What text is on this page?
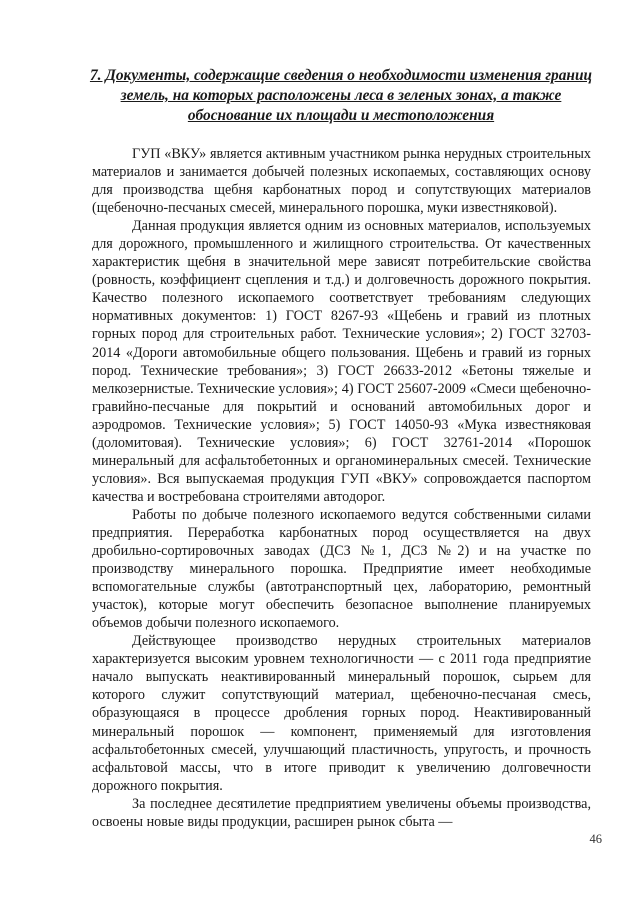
7. Документы, содержащие сведения о необходимости изменения границ земель, на которых расположены леса в зеленых зонах, а также обоснование их площади и местоположения

ГУП «ВКУ» является активным участником рынка нерудных строительных материалов и занимается добычей полезных ископаемых, составляющих основу для производства щебня карбонатных пород и сопутствующих материалов (щебеночно-песчаных смесей, минерального порошка, муки известняковой).

Данная продукция является одним из основных материалов, используемых для дорожного, промышленного и жилищного строительства. От качественных характеристик щебня в значительной мере зависят потребительские свойства (ровность, коэффициент сцепления и т.д.) и долговечность дорожного покрытия. Качество полезного ископаемого соответствует требованиям следующих нормативных документов: 1) ГОСТ 8267-93 «Щебень и гравий из плотных горных пород для строительных работ. Технические условия»; 2) ГОСТ 32703-2014 «Дороги автомобильные общего пользования. Щебень и гравий из горных пород. Технические требования»; 3) ГОСТ 26633-2012 «Бетоны тяжелые и мелкозернистые. Технические условия»; 4) ГОСТ 25607-2009 «Смеси щебеночно-гравийно-песчаные для покрытий и оснований автомобильных дорог и аэродромов. Технические условия»; 5) ГОСТ 14050-93 «Мука известняковая (доломитовая). Технические условия»; 6) ГОСТ 32761-2014 «Порошок минеральный для асфальтобетонных и органоминеральных смесей. Технические условия». Вся выпускаемая продукция ГУП «ВКУ» сопровождается паспортом качества и востребована строителями автодорог.

Работы по добыче полезного ископаемого ведутся собственными силами предприятия. Переработка карбонатных пород осуществляется на двух дробильно-сортировочных заводах (ДСЗ №1, ДСЗ №2) и на участке по производству минерального порошка. Предприятие имеет необходимые вспомогательные службы (автотранспортный цех, лабораторию, ремонтный участок), которые могут обеспечить безопасное выполнение планируемых объемов добычи полезного ископаемого.

Действующее производство нерудных строительных материалов характеризуется высоким уровнем технологичности — с 2011 года предприятие начало выпускать неактивированный минеральный порошок, сырьем для которого служит сопутствующий материал, щебеночно-песчаная смесь, образующаяся в процессе дробления горных пород. Неактивированный минеральный порошок — компонент, применяемый для изготовления асфальтобетонных смесей, улучшающий пластичность, упругость, и прочность асфальтовой массы, что в итоге приводит к увеличению долговечности дорожного покрытия.

За последнее десятилетие предприятием увеличены объемы производства, освоены новые виды продукции, расширен рынок сбыта —

46
